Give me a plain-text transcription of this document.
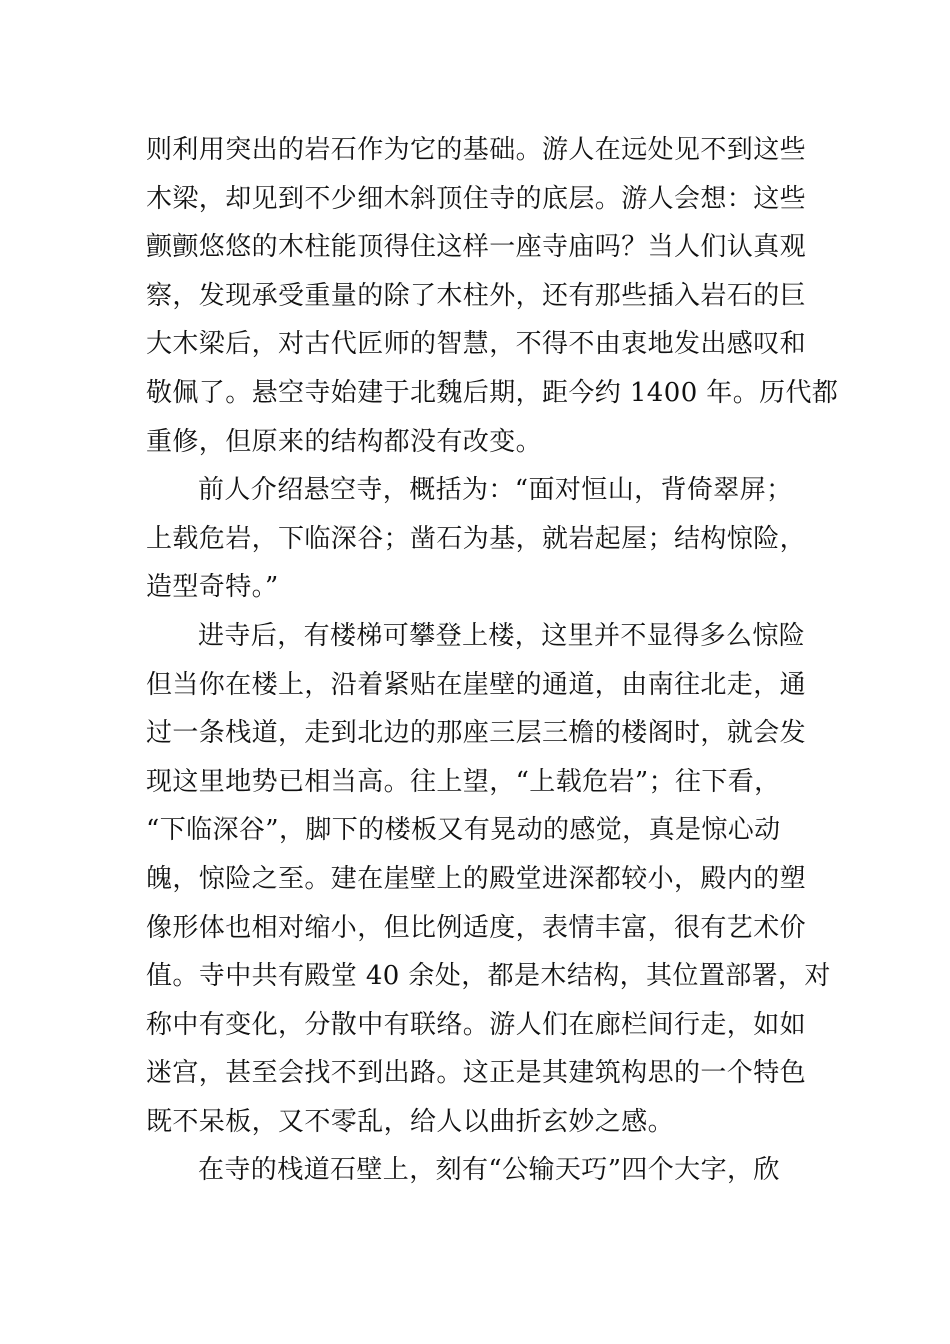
则利用突出的岩石作为它的基础。游人在远处见不到这些
木梁，却见到不少细木斜顶住寺的底层。游人会想：这些
颤颤悠悠的木柱能顶得住这样一座寺庙吗？当人们认真观
察，发现承受重量的除了木柱外，还有那些插入岩石的巨
大木梁后，对古代匠师的智慧，不得不由衷地发出感叹和
敬佩了。悬空寺始建于北魏后期，距今约 1400 年。历代都
重修，但原来的结构都没有改变。
前人介绍悬空寺，概括为：“面对恒山，背倚翠屏；
上载危岩，下临深谷；凿石为基，就岩起屋；结构惊险，
造型奇特。”
进寺后，有楼梯可攀登上楼，这里并不显得多么惊险
但当你在楼上，沿着紧贴在崖壁的通道，由南往北走，通
过一条栈道，走到北边的那座三层三檐的楼阁时，就会发
现这里地势已相当高。往上望，“上载危岩”；往下看，
“下临深谷”，脚下的楼板又有晃动的感觉，真是惊心动
魄，惊险之至。建在崖壁上的殿堂进深都较小，殿内的塑
像形体也相对缩小，但比例适度，表情丰富，很有艺术价
值。寺中共有殿堂 40 余处，都是木结构，其位置部署，对
称中有变化，分散中有联络。游人们在廊栏间行走，如如
迷宫，甚至会找不到出路。这正是其建筑构思的一个特色
既不呆板，又不零乱，给人以曲折玄妙之感。
在寺的栈道石壁上，刻有“公输天巧”四个大字，欣
